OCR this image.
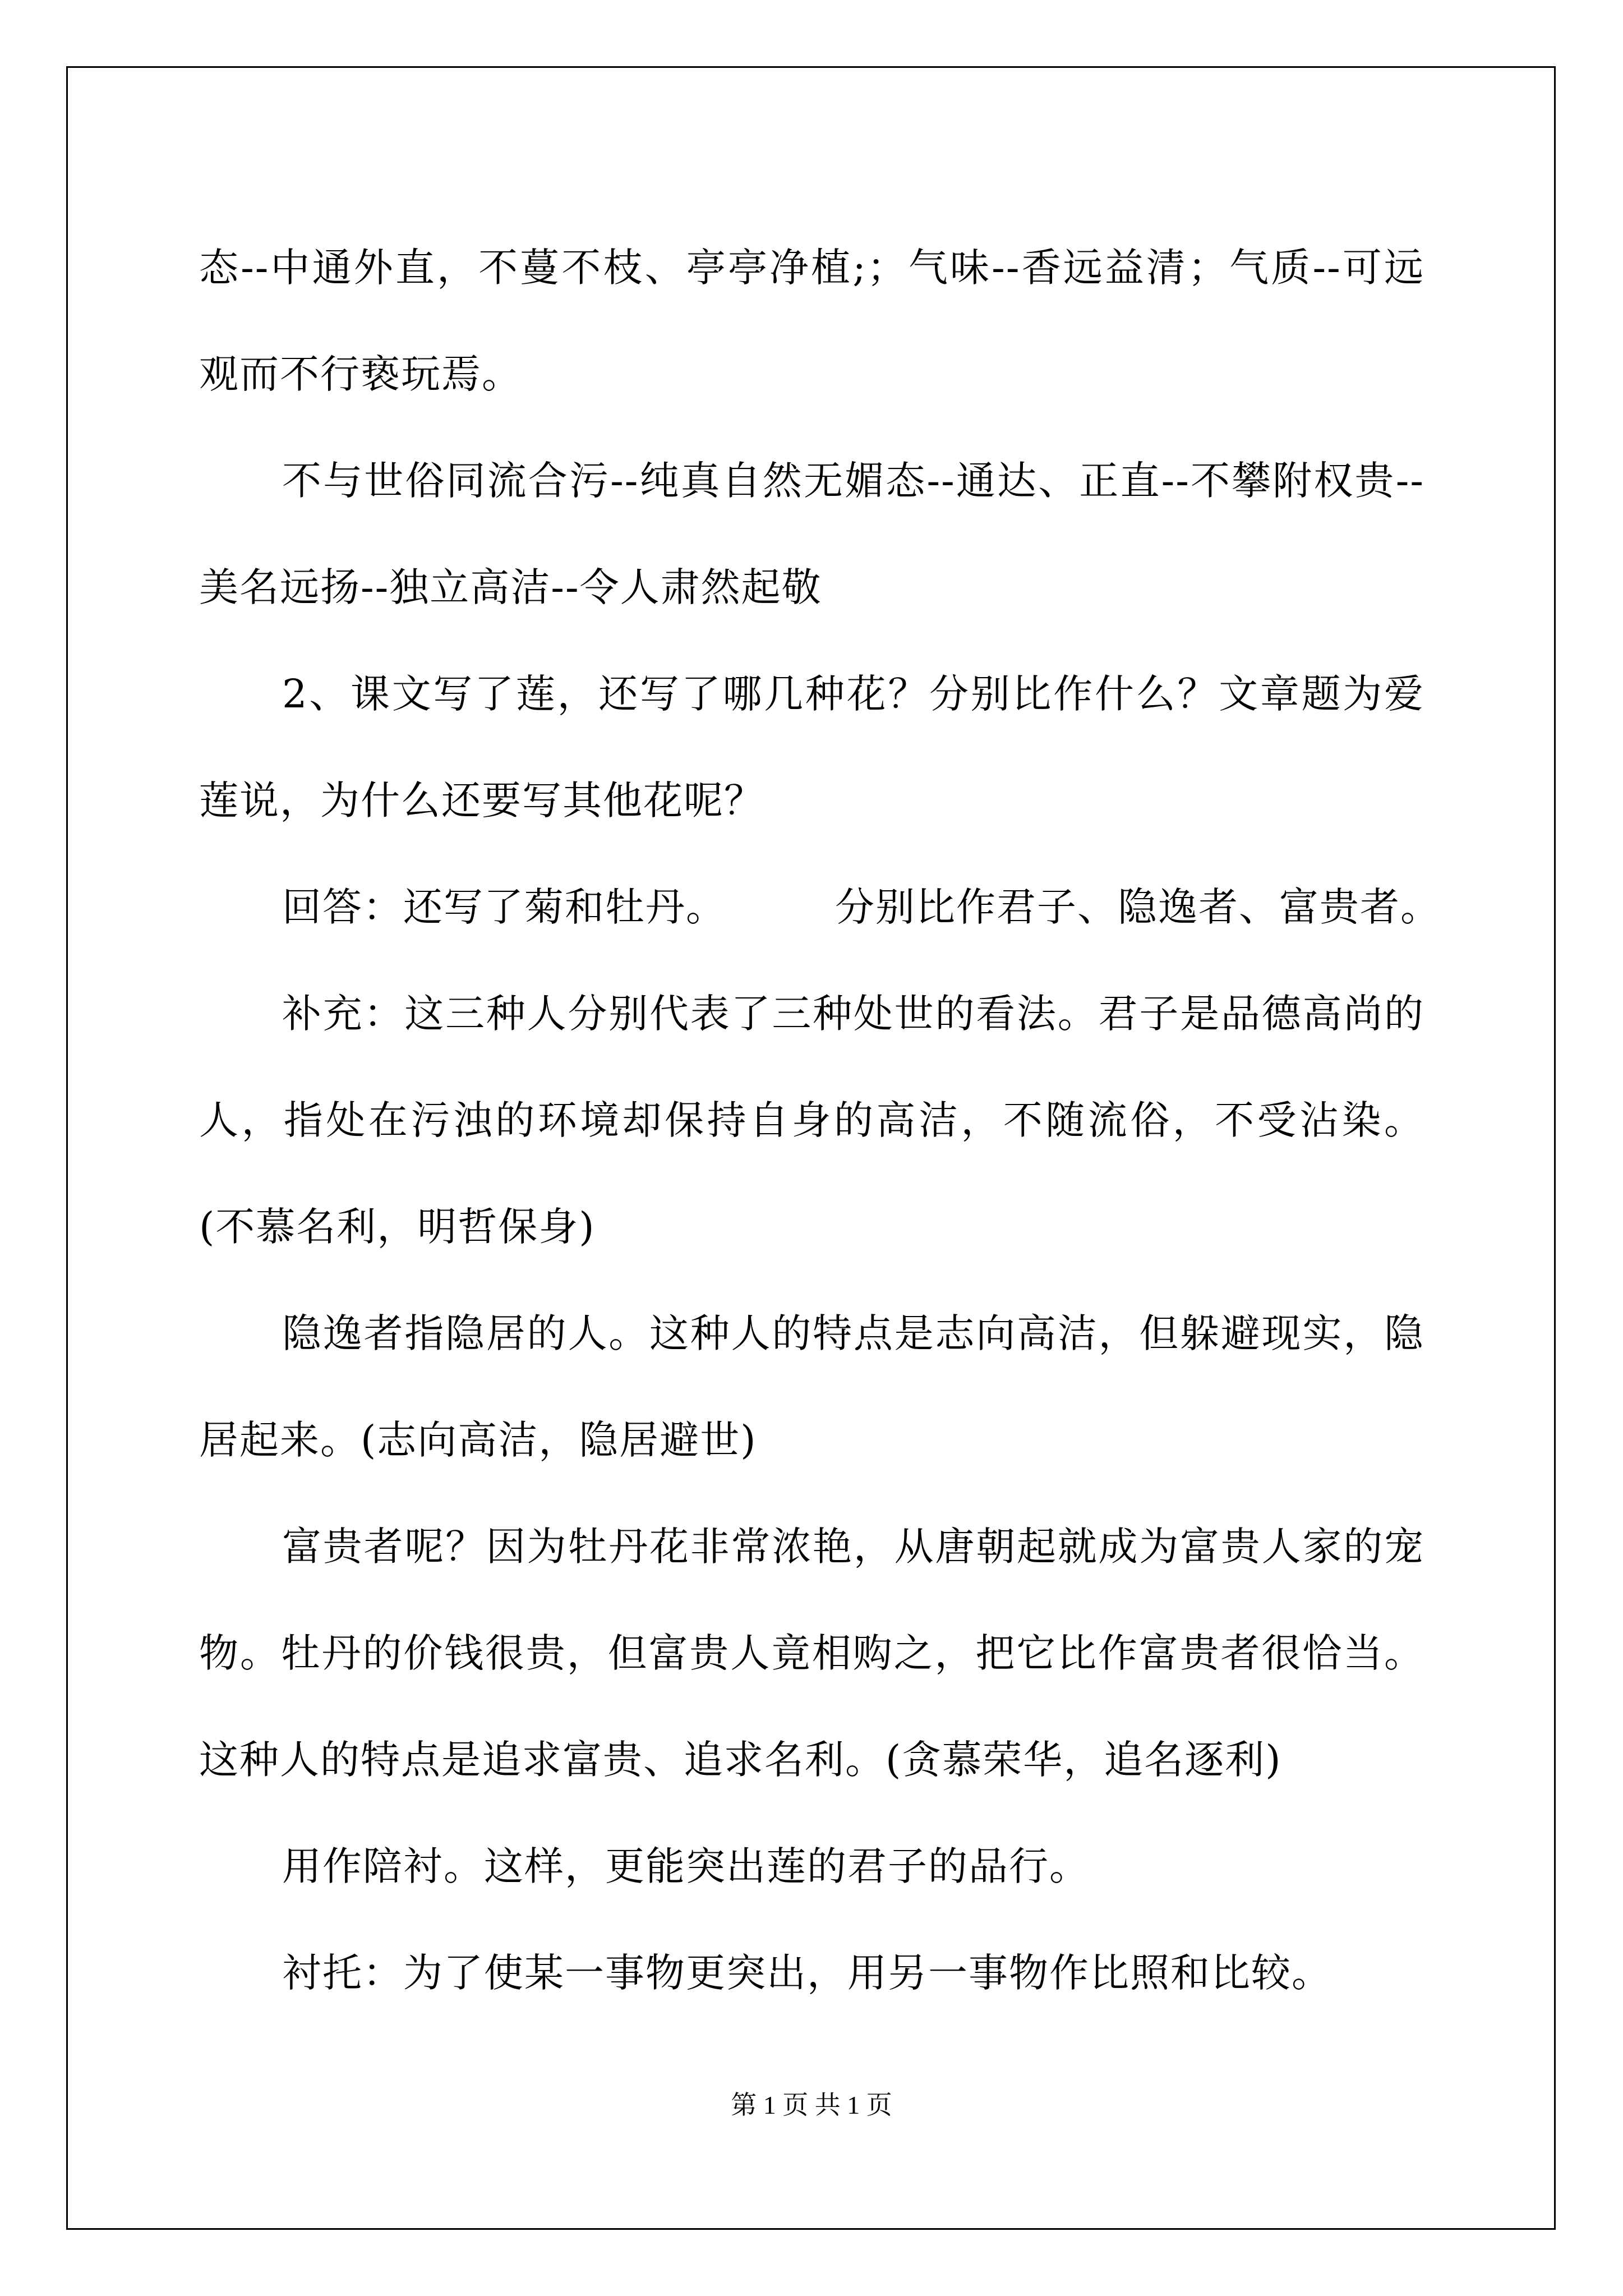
态--中通外直，不蔓不枝、亭亭净植;；气味--香远益清；气质--可远观而不行亵玩焉。

不与世俗同流合污--纯真自然无媚态--通达、正直--不攀附权贵--美名远扬--独立高洁--令人肃然起敬

2、课文写了莲，还写了哪几种花？分别比作什么？文章题为爱莲说，为什么还要写其他花呢？

回答：还写了菊和牡丹。        分别比作君子、隐逸者、富贵者。

补充：这三种人分别代表了三种处世的看法。君子是品德高尚的人，指处在污浊的环境却保持自身的高洁，不随流俗，不受沾染。(不慕名利，明哲保身)

隐逸者指隐居的人。这种人的特点是志向高洁，但躲避现实，隐居起来。(志向高洁，隐居避世)

富贵者呢？因为牡丹花非常浓艳，从唐朝起就成为富贵人家的宠物。牡丹的价钱很贵，但富贵人竟相购之，把它比作富贵者很恰当。这种人的特点是追求富贵、追求名利。(贪慕荣华，追名逐利)

用作陪衬。这样，更能突出莲的君子的品行。

衬托：为了使某一事物更突出，用另一事物作比照和比较。

第 1 页 共 1 页
